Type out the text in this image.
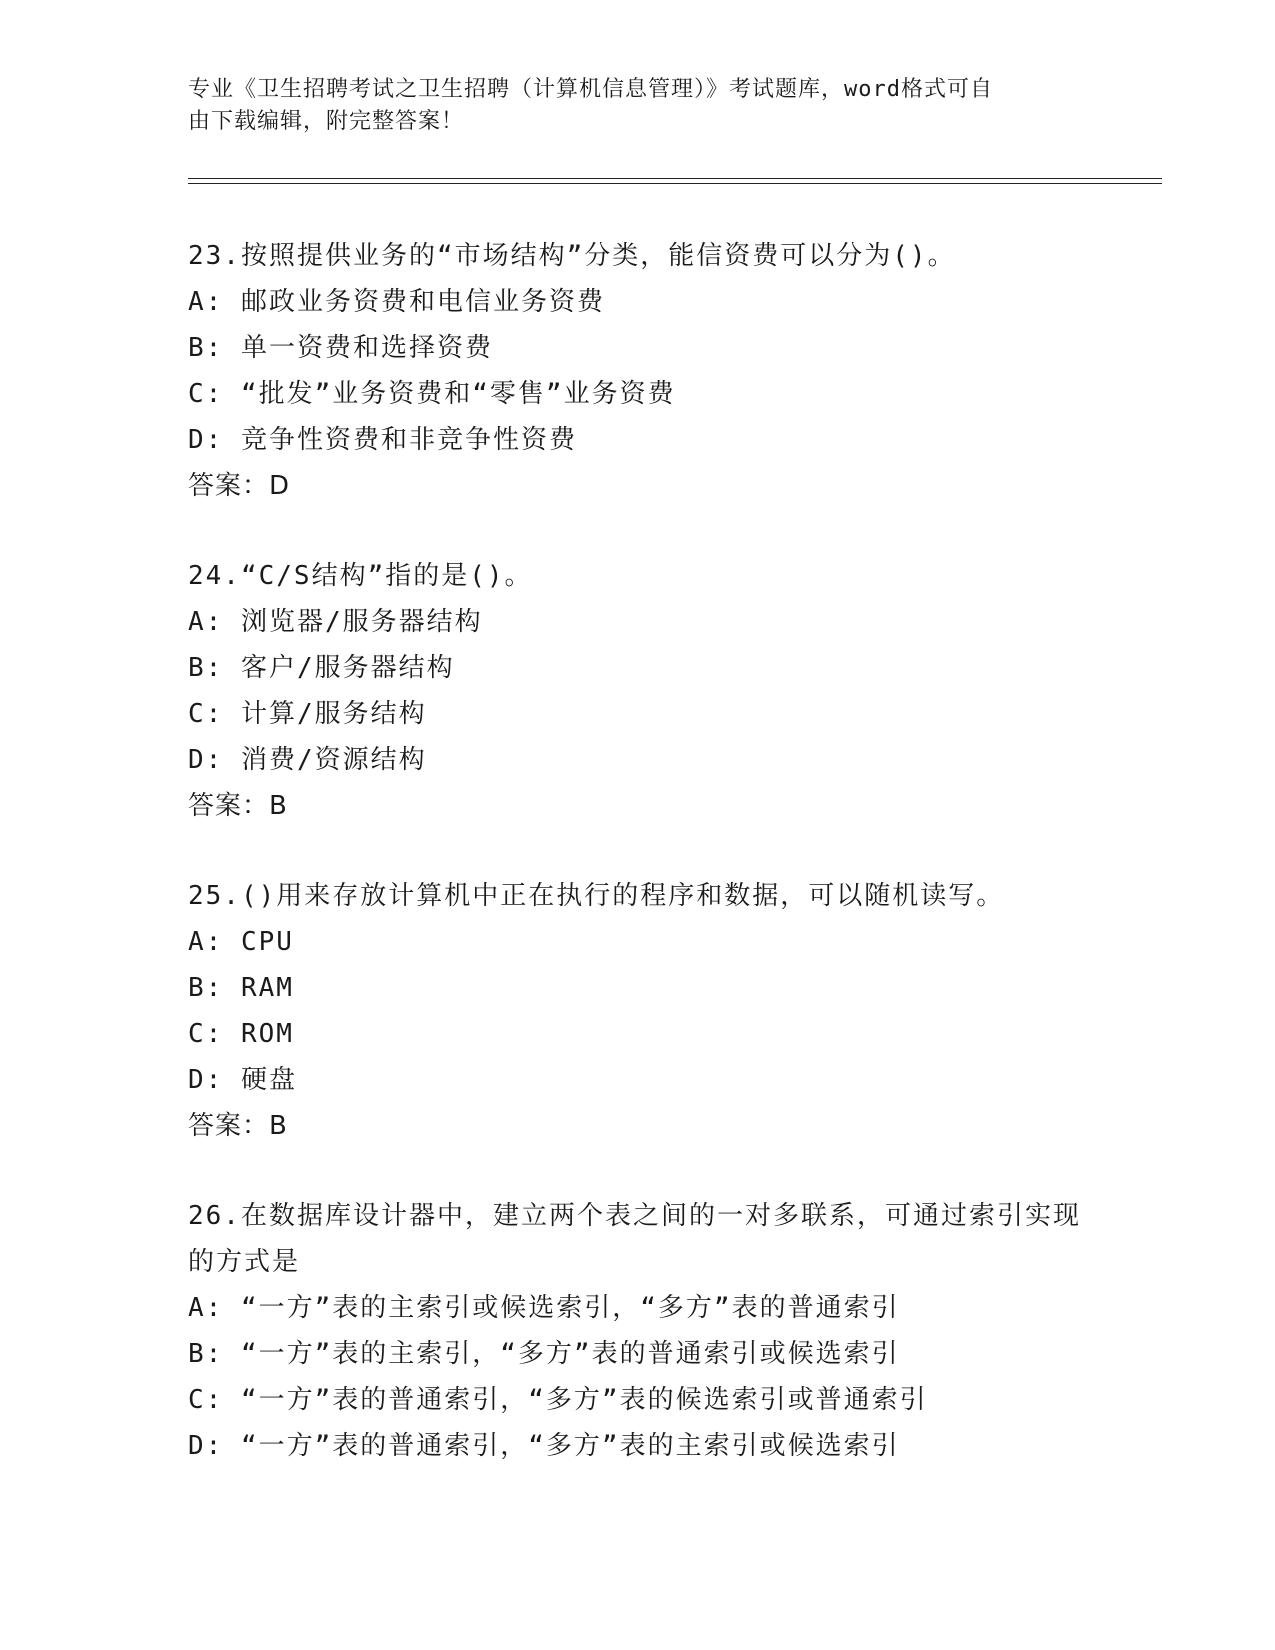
专业《卫生招聘考试之卫生招聘（计算机信息管理）》考试题库，word格式可自
由下载编辑，附完整答案！

23.按照提供业务的“市场结构”分类，能信资费可以分为()。

A: 邮政业务资费和电信业务资费

B: 单一资费和选择资费

C: “批发”业务资费和“零售”业务资费

D: 竞争性资费和非竞争性资费

答案：D

24.“C/S结构”指的是()。

A: 浏览器/服务器结构

B: 客户/服务器结构

C: 计算/服务结构

D: 消费/资源结构

答案：B

25.()用来存放计算机中正在执行的程序和数据，可以随机读写。

A: CPU

B: RAM

C: ROM

D: 硬盘

答案：B

26.在数据库设计器中，建立两个表之间的一对多联系，可通过索引实现的方式是

A: “一方”表的主索引或候选索引，“多方”表的普通索引

B: “一方”表的主索引，“多方”表的普通索引或候选索引

C: “一方”表的普通索引，“多方”表的候选索引或普通索引

D: “一方”表的普通索引，“多方”表的主索引或候选索引
